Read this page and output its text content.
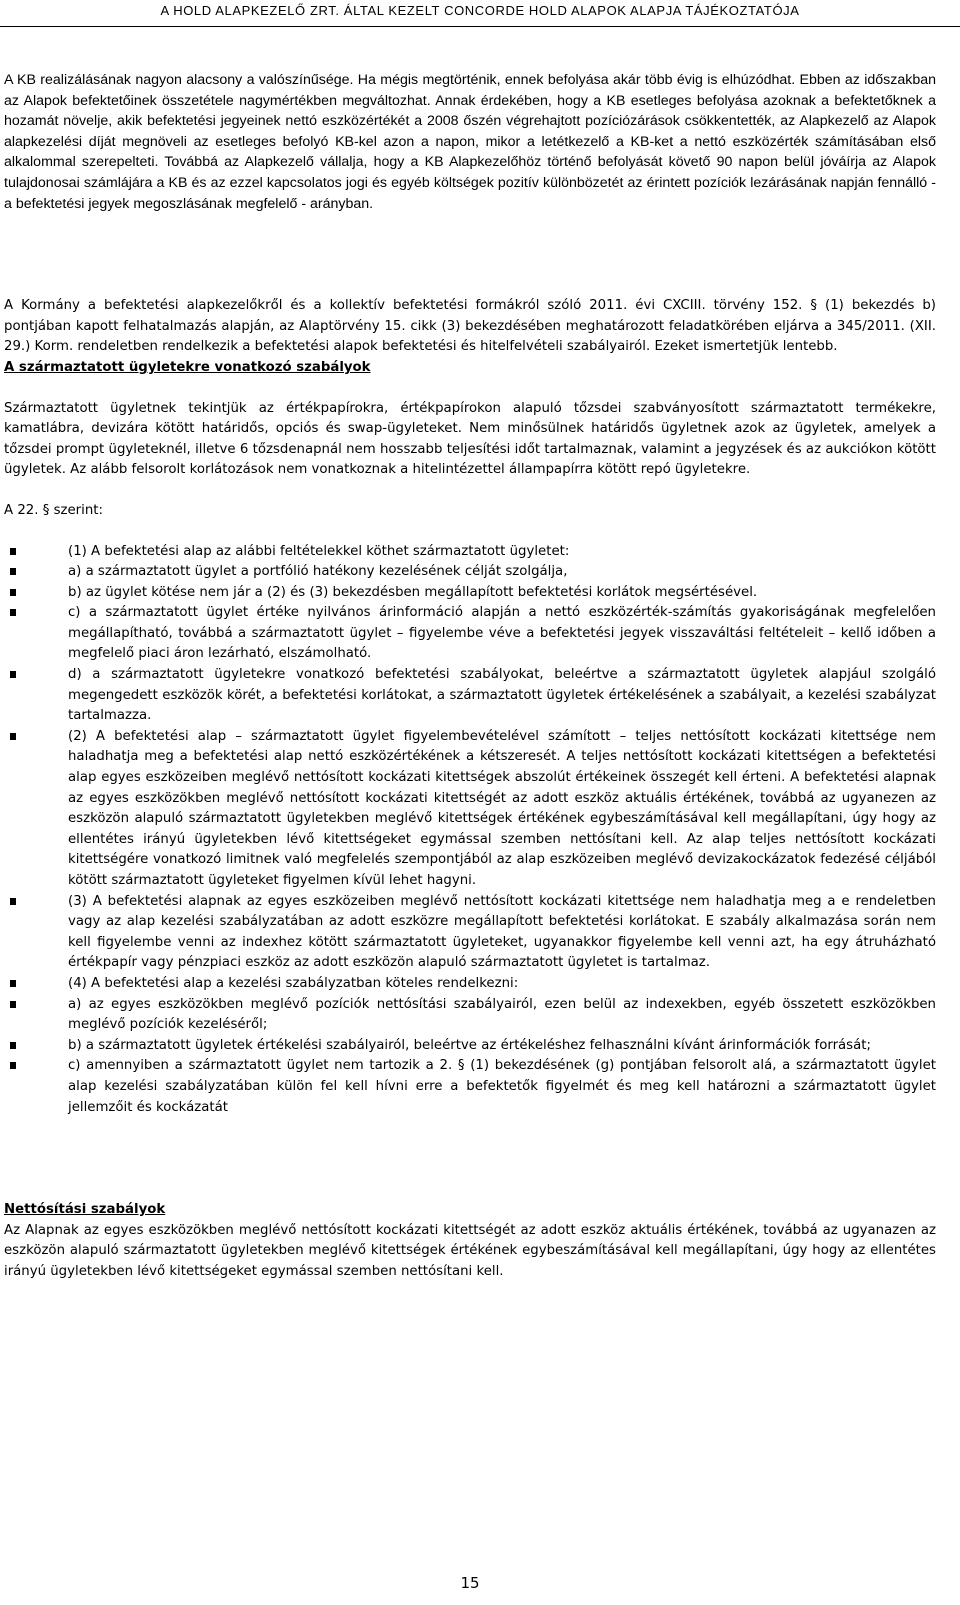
A HOLD ALAPKEZELŐ ZRT. ÁLTAL KEZELT CONCORDE HOLD ALAPOK ALAPJA TÁJÉKOZTATÓJA

A KB realizálásának nagyon alacsony a valószínűsége. Ha mégis megtörténik, ennek befolyása akár több évig is elhúzódhat. Ebben az időszakban az Alapok befektetőinek összetétele nagymértékben megváltozhat. Annak érdekében, hogy a KB esetleges befolyása azoknak a befektetőknek a hozamát növelje, akik befektetési jegyeinek nettó eszközértékét a 2008 őszén végrehajtott pozíciózárások csökkentették, az Alapkezelő az Alapok alapkezelési díját megnöveli az esetleges befolyó KB-kel azon a napon, mikor a letétkezelő a KB-ket a nettó eszközérték számításában első alkalommal szerepelteti. Továbbá az Alapkezelő vállalja, hogy a KB Alapkezelőhöz történő befolyását követő 90 napon belül jóváírja az Alapok tulajdonosai számlájára a KB és az ezzel kapcsolatos jogi és egyéb költségek pozitív különbözetét az érintett pozíciók lezárásának napján fennálló - a befektetési jegyek megoszlásának megfelelő - arányban.

A Kormány a befektetési alapkezelőkről és a kollektív befektetési formákról szóló 2011. évi CXCIII. törvény 152. § (1) bekezdés b) pontjában kapott felhatalmazás alapján, az Alaptörvény 15. cikk (3) bekezdésében meghatározott feladatkörében eljárva a 345/2011. (XII. 29.) Korm. rendeletben rendelkezik a befektetési alapok befektetési és hitelfelvételi szabályairól. Ezeket ismertetjük lentebb.

A származtatott ügyletekre vonatkozó szabályok

Származtatott ügyletnek tekintjük az értékpapírokra, értékpapírokon alapuló tőzsdei szabványosított származtatott termékekre, kamatlábra, devizára kötött határidős, opciós és swap-ügyleteket. Nem minősülnek határidős ügyletnek azok az ügyletek, amelyek a tőzsdei prompt ügyleteknél, illetve 6 tőzsdenapnál nem hosszabb teljesítési időt tartalmaznak, valamint a jegyzések és az aukciókon kötött ügyletek. Az alább felsorolt korlátozások nem vonatkoznak a hitelintézettel állampapírra kötött repó ügyletekre.

A 22. § szerint:

(1) A befektetési alap az alábbi feltételekkel köthet származtatott ügyletet:
a) a származtatott ügylet a portfólió hatékony kezelésének célját szolgálja,
b) az ügylet kötése nem jár a (2) és (3) bekezdésben megállapított befektetési korlátok megsértésével.
c) a származtatott ügylet értéke nyilvános árinformáció alapján a nettó eszközérték-számítás gyakoriságának megfelelően megállapítható, továbbá a származtatott ügylet – figyelembe véve a befektetési jegyek visszaváltási feltételeit – kellő időben a megfelelő piaci áron lezárható, elszámolható.
d) a származtatott ügyletekre vonatkozó befektetési szabályokat, beleértve a származtatott ügyletek alapjául szolgáló megengedett eszközök körét, a befektetési korlátokat, a származtatott ügyletek értékelésének a szabályait, a kezelési szabályzat tartalmazza.
(2) A befektetési alap – származtatott ügylet figyelembevételével számított – teljes nettósított kockázati kitettsége nem haladhatja meg a befektetési alap nettó eszközértékének a kétszeresét. A teljes nettósított kockázati kitettségen a befektetési alap egyes eszközeiben meglévő nettósított kockázati kitettségek abszolút értékeinek összegét kell érteni. A befektetési alapnak az egyes eszközökben meglévő nettósított kockázati kitettségét az adott eszköz aktuális értékének, továbbá az ugyanezen az eszközön alapuló származtatott ügyletekben meglévő kitettségek értékének egybeszámításával kell megállapítani, úgy hogy az ellentétes irányú ügyletekben lévő kitettségeket egymással szemben nettósítani kell. Az alap teljes nettósított kockázati kitettségére vonatkozó limitnek való megfelelés szempontjából az alap eszközeiben meglévő devizakockázatok fedezésé céljából kötött származtatott ügyleteket figyelmen kívül lehet hagyni.
(3) A befektetési alapnak az egyes eszközeiben meglévő nettósított kockázati kitettsége nem haladhatja meg a e rendeletben vagy az alap kezelési szabályzatában az adott eszközre megállapított befektetési korlátokat. E szabály alkalmazása során nem kell figyelembe venni az indexhez kötött származtatott ügyleteket, ugyanakkor figyelembe kell venni azt, ha egy átruházható értékpapír vagy pénzpiaci eszköz az adott eszközön alapuló származtatott ügyletet is tartalmaz.
(4) A befektetési alap a kezelési szabályzatban köteles rendelkezni:
a) az egyes eszközökben meglévő pozíciók nettósítási szabályairól, ezen belül az indexekben, egyéb összetett eszközökben meglévő pozíciók kezeléséről;
b) a származtatott ügyletek értékelési szabályairól, beleértve az értékeléshez felhasználni kívánt árinformációk forrását;
c) amennyiben a származtatott ügylet nem tartozik a 2. § (1) bekezdésének (g) pontjában felsorolt alá, a származtatott ügylet alap kezelési szabályzatában külön fel kell hívni erre a befektetők figyelmét és meg kell határozni a származtatott ügylet jellemzőit és kockázatát

Nettósítási szabályok

Az Alapnak az egyes eszközökben meglévő nettósított kockázati kitettségét az adott eszköz aktuális értékének, továbbá az ugyanazen az eszközön alapuló származtatott ügyletekben meglévő kitettségek értékének egybeszámításával kell megállapítani, úgy hogy az ellentétes irányú ügyletekben lévő kitettségeket egymással szemben nettósítani kell.

15
